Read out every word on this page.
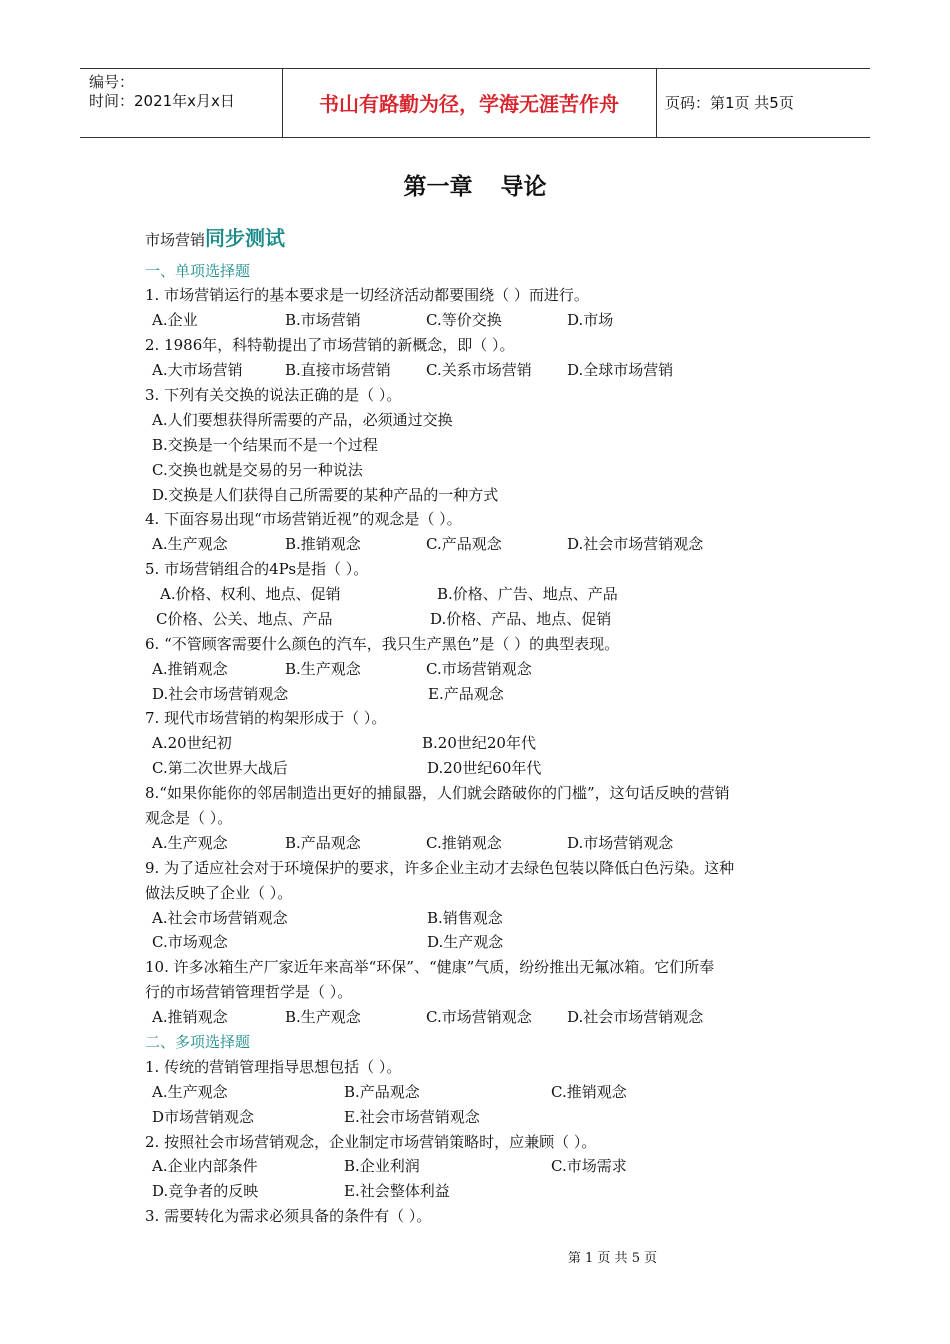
编号：
时间：2021年x月x日	书山有路勤为径，学海无涯苦作舟	页码：第1页 共5页
第一章 导论
市场营销同步测试
一、单项选择题
1. 市场营销运行的基本要求是一切经济活动都要围绕（ ）而进行。
A.企业	B.市场营销	C.等价交换	D.市场
2. 1986年，科特勒提出了市场营销的新概念，即（ ）。
A.大市场营销	B.直接市场营销 C.关系市场营销 D.全球市场营销
3. 下列有关交换的说法正确的是（ ）。
A.人们要想获得所需要的产品，必须通过交换
B.交换是一个结果而不是一个过程
C.交换也就是交易的另一种说法
D.交换是人们获得自己所需要的某种产品的一种方式
4. 下面容易出现“市场营销近视”的观念是（ ）。
A.生产观念	B.推销观念	C.产品观念	D.社会市场营销观念
5. 市场营销组合的4Ps是指（ ）。
A.价格、权利、地点、促销	B.价格、广告、地点、产品
C价格、公关、地点、产品	D.价格、产品、地点、促销
6. “不管顾客需要什么颜色的汽车，我只生产黑色”是（ ）的典型表现。
A.推销观念	B.生产观念	C.市场营销观念
D.社会市场营销观念	E.产品观念
7. 现代市场营销的构架形成于（ ）。
A.20世纪初	B.20世纪20年代
C.第二次世界大战后	D.20世纪60年代
8.“如果你能你的邻居制造出更好的捕鼠器，人们就会踏破你的门槛”，这句话反映的营销
观念是（ ）。
A.生产观念	B.产品观念	C.推销观念	D.市场营销观念
9. 为了适应社会对于环境保护的要求，许多企业主动才去绿色包装以降低白色污染。这种
做法反映了企业（ ）。
A.社会市场营销观念	B.销售观念
C.市场观念	D.生产观念
10. 许多冰箱生产厂家近年来高举“环保”、“健康”气质，纷纷推出无氟冰箱。它们所奉
行的市场营销管理哲学是（ ）。
A.推销观念	B.生产观念	C.市场营销观念 D.社会市场营销观念
二、多项选择题
1. 传统的营销管理指导思想包括（ ）。
A.生产观念	B.产品观念	C.推销观念
D市场营销观念	E.社会市场营销观念
2. 按照社会市场营销观念，企业制定市场营销策略时，应兼顾（ ）。
A.企业内部条件	B.企业利润	C.市场需求
D.竞争者的反映	E.社会整体利益
3. 需要转化为需求必须具备的条件有（ ）。
第 1 页 共 5 页
